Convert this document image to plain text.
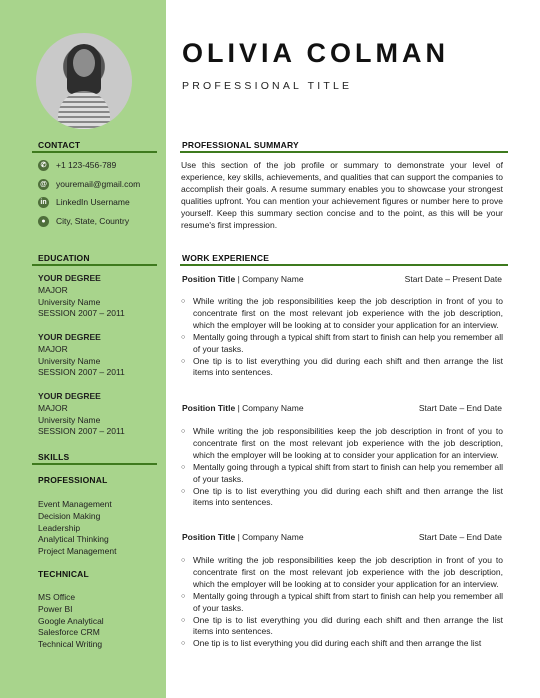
CONTACT
✆	+1 123-456-789
@ youremail@gmail.com
in LinkedIn Username
●	City, State, Country
EDUCATION
YOUR DEGREE
MAJOR
University Name
SESSION 2007 – 2011
YOUR DEGREE
MAJOR
University Name
SESSION 2007 – 2011
YOUR DEGREE
MAJOR
University Name
SESSION 2007 – 2011
SKILLS
PROFESSIONAL
Event Management
Decision Making
Leadership
Analytical Thinking
Project Management
TECHNICAL
MS Office
Power BI
Google Analytical
Salesforce CRM
Technical Writing
OLIVIA COLMAN
PROFESSIONAL TITLE
PROFESSIONAL SUMMARY
Use this section of the job profile or summary to demonstrate your level of experience, key skills, achievements, and qualities that can support the companies to accomplish their goals. A resume summary enables you to showcase your strongest qualities upfront. You can mention your achievement figures or number here to prove yourself. Keep this summary section concise and to the point, as this will be your resume's first impression.
WORK EXPERIENCE
Position Title | Company Name	Start Date – Present Date
○ While writing the job responsibilities keep the job description in front of you to concentrate first on the most relevant job experience with the job description, which the employer will be looking at to consider your application for an interview.
○ Mentally going through a typical shift from start to finish can help you remember all of your tasks.
○ One tip is to list everything you did during each shift and then arrange the list items into sentences.
Position Title | Company Name	Start Date – End Date
○ While writing the job responsibilities keep the job description in front of you to concentrate first on the most relevant job experience with the job description, which the employer will be looking at to consider your application for an interview.
○ Mentally going through a typical shift from start to finish can help you remember all of your tasks.
○ One tip is to list everything you did during each shift and then arrange the list items into sentences.
Position Title | Company Name	Start Date – End Date
○ While writing the job responsibilities keep the job description in front of you to concentrate first on the most relevant job experience with the job description, which the employer will be looking at to consider your application for an interview.
○ Mentally going through a typical shift from start to finish can help you remember all of your tasks.
○ One tip is to list everything you did during each shift and then arrange the list items into sentences.
○ One tip is to list everything you did during each shift and then arrange the list
